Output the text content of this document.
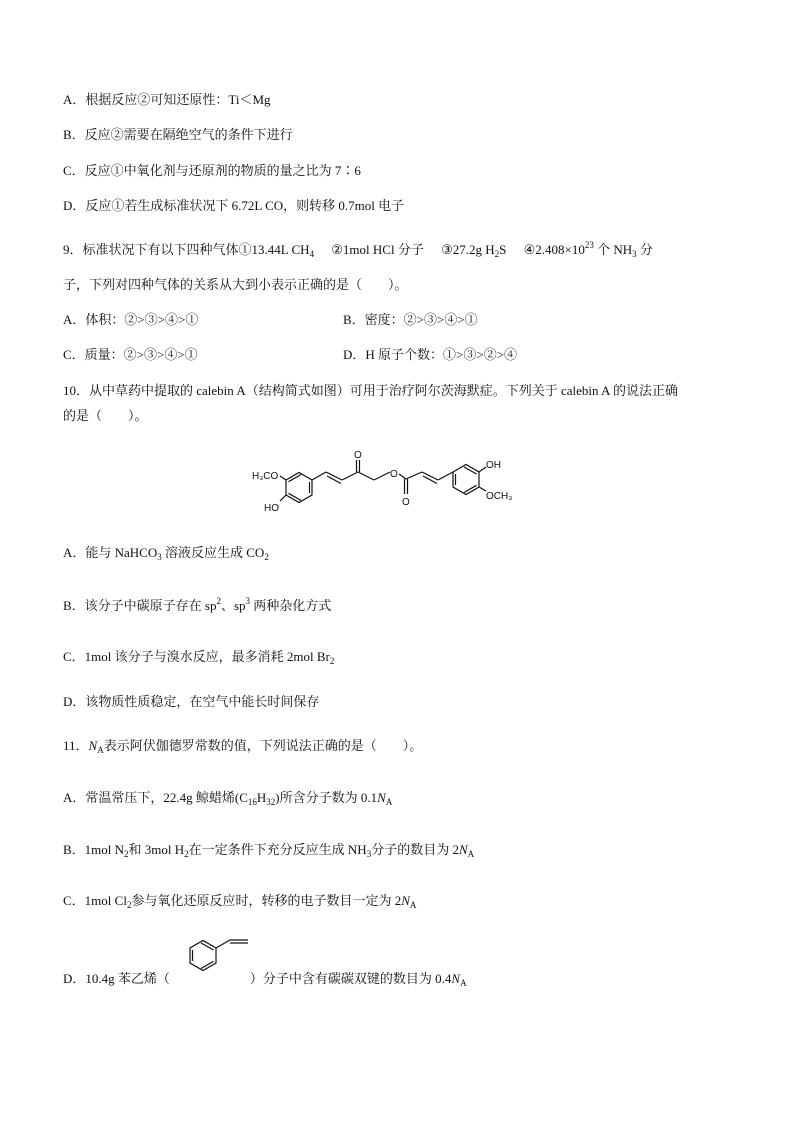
A．根据反应②可知还原性：Ti＜Mg
B．反应②需要在隔绝空气的条件下进行
C．反应①中氧化剂与还原剂的物质的量之比为 7∶6
D．反应①若生成标准状况下 6.72L CO，则转移 0.7mol 电子
9．标准状况下有以下四种气体①13.44L $CH_4$ ②1mol HCl 分子 ③27.2g $H_2S$ $④2.408\times 10^{23}$ 个 $NH_3$ 分
子，下列对四种气体的关系从大到小表示正确的是（　　）。
A．体积：②>③>④>①	B．密度：②>③>④>①
C．质量：②>③>④>①	D．H 原子个数：①>③>②>④
10．从中草药中提取的 calebin A（结构简式如图）可用于治疗阿尔茨海默症。下列关于 calebin A 的说法正确
的是（　　）。
H₃CO
HO
O
O
O
OH
OCH₃
A．能与 NaHCO$_3$ 溶液反应生成 $CO_2$
B．该分子中碳原子存在 $sp^2$、$sp^3$ 两种杂化方式
C．1mol 该分子与溴水反应，最多消耗 2mol $Br_2$
D．该物质性质稳定，在空气中能长时间保存
11．$N_A$表示阿伏伽德罗常数的值，下列说法正确的是（　　）。
A．常温常压下，22.4g 鲸蜡烯$(C_{16}H_{32})$所含分子数为 $0.1N_A$
B．1mol $N_2$和 3mol $H_2$在一定条件下充分反应生成 $NH_3$分子的数目为 $2N_A$
C．1mol $Cl_2$参与氧化还原反应时，转移的电子数目一定为 $2N_A$
D．10.4g 苯乙烯（	）分子中含有碳碳双键的数目为 $0.4N_A$
